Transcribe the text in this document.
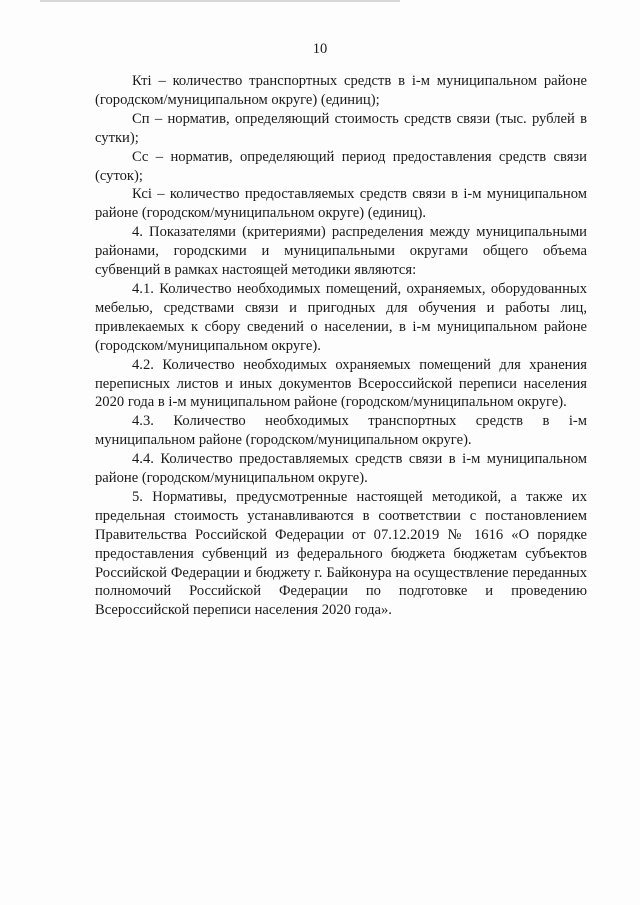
10

Ктi – количество транспортных средств в i-м муниципальном районе (городском/муниципальном округе) (единиц);

Сп – норматив, определяющий стоимость средств связи (тыс. рублей в сутки);

Сс – норматив, определяющий период предоставления средств связи (суток);

Ксi – количество предоставляемых средств связи в i-м муниципальном районе (городском/муниципальном округе) (единиц).

4. Показателями (критериями) распределения между муниципальными районами, городскими и муниципальными округами общего объема субвенций в рамках настоящей методики являются:

4.1. Количество необходимых помещений, охраняемых, оборудованных мебелью, средствами связи и пригодных для обучения и работы лиц, привлекаемых к сбору сведений о населении, в i-м муниципальном районе (городском/муниципальном округе).

4.2. Количество необходимых охраняемых помещений для хранения переписных листов и иных документов Всероссийской переписи населения 2020 года в i-м муниципальном районе (городском/муниципальном округе).

4.3. Количество необходимых транспортных средств в i-м муниципальном районе (городском/муниципальном округе).

4.4. Количество предоставляемых средств связи в i-м муниципальном районе (городском/муниципальном округе).

5. Нормативы, предусмотренные настоящей методикой, а также их предельная стоимость устанавливаются в соответствии с постановлением Правительства Российской Федерации от 07.12.2019 № 1616 «О порядке предоставления субвенций из федерального бюджета бюджетам субъектов Российской Федерации и бюджету г. Байконура на осуществление переданных полномочий Российской Федерации по подготовке и проведению Всероссийской переписи населения 2020 года».
